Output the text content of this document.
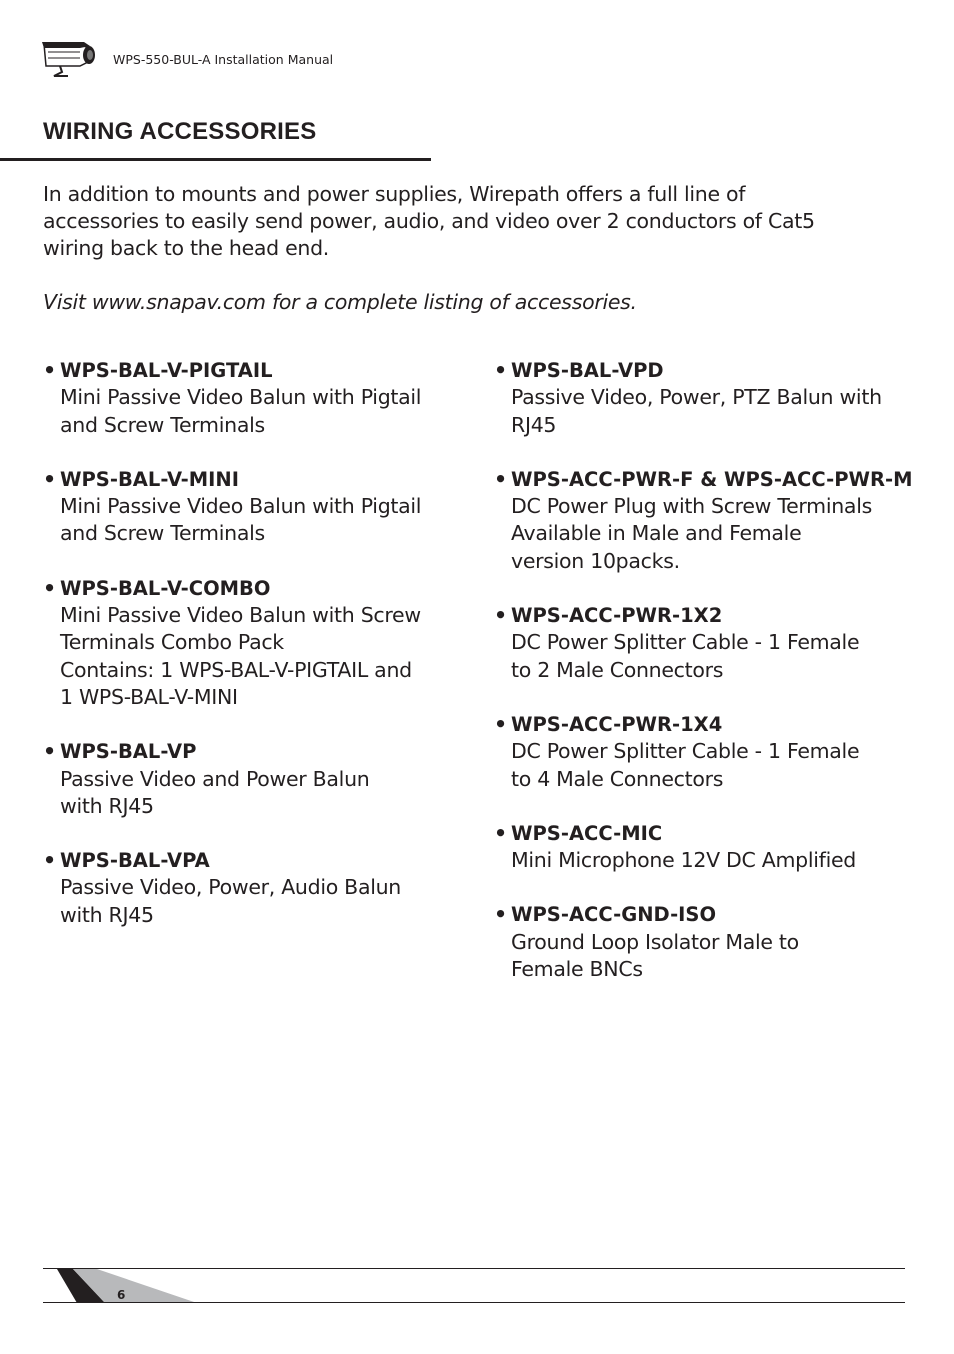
WPS-550-BUL-A Installation Manual
WIRING ACCESSORIES

In addition to mounts and power supplies, Wirepath offers a full line of
accessories to easily send power, audio, and video over 2 conductors of Cat5
wiring back to the head end.

Visit www.snapav.com for a complete listing of accessories.

• WPS-BAL-V-PIGTAIL
Mini Passive Video Balun with Pigtail
and Screw Terminals
• WPS-BAL-V-MINI
Mini Passive Video Balun with Pigtail
and Screw Terminals
• WPS-BAL-V-COMBO
Mini Passive Video Balun with Screw
Terminals Combo Pack
Contains: 1 WPS-BAL-V-PIGTAIL and
1 WPS-BAL-V-MINI
• WPS-BAL-VP
Passive Video and Power Balun
with RJ45
• WPS-BAL-VPA
Passive Video, Power, Audio Balun
with RJ45
• WPS-BAL-VPD
Passive Video, Power, PTZ Balun with
RJ45
• WPS-ACC-PWR-F & WPS-ACC-PWR-M
DC Power Plug with Screw Terminals
Available in Male and Female
version 10packs.
• WPS-ACC-PWR-1X2
DC Power Splitter Cable - 1 Female
to 2 Male Connectors
• WPS-ACC-PWR-1X4
DC Power Splitter Cable - 1 Female
to 4 Male Connectors
• WPS-ACC-MIC
Mini Microphone 12V DC Amplified
• WPS-ACC-GND-ISO
Ground Loop Isolator Male to
Female BNCs
6
